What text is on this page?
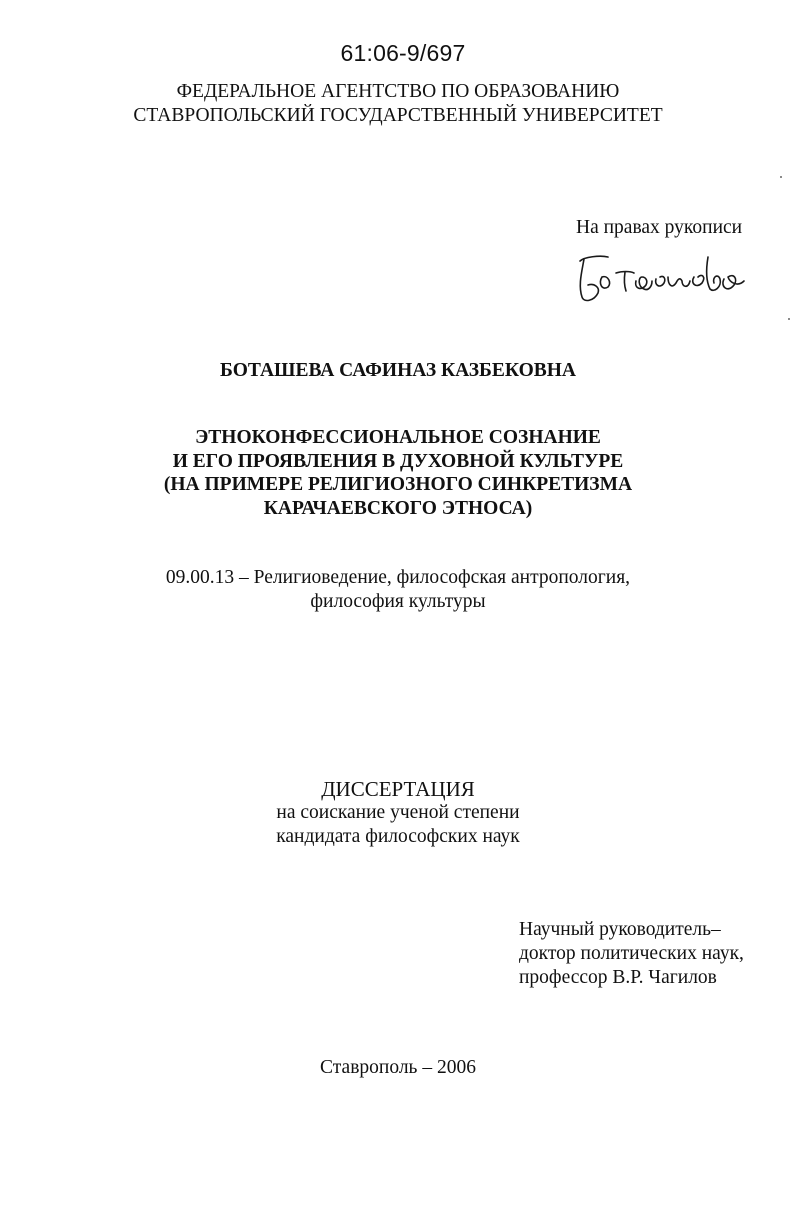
61:06-9/697
ФЕДЕРАЛЬНОЕ АГЕНТСТВО ПО ОБРАЗОВАНИЮ
СТАВРОПОЛЬСКИЙ ГОСУДАРСТВЕННЫЙ УНИВЕРСИТЕТ
На правах рукописи
БОТАШЕВА САФИНАЗ КАЗБЕКОВНА
ЭТНОКОНФЕССИОНАЛЬНОЕ СОЗНАНИЕ
И ЕГО ПРОЯВЛЕНИЯ В ДУХОВНОЙ КУЛЬТУРЕ
(НА ПРИМЕРЕ РЕЛИГИОЗНОГО СИНКРЕТИЗМА
КАРАЧАЕВСКОГО ЭТНОСА)
09.00.13 – Религиоведение, философская антропология,
философия культуры
ДИССЕРТАЦИЯ
на соискание ученой степени
кандидата философских наук
Научный руководитель–
доктор политических наук,
профессор В.Р. Чагилов
Ставрополь – 2006
